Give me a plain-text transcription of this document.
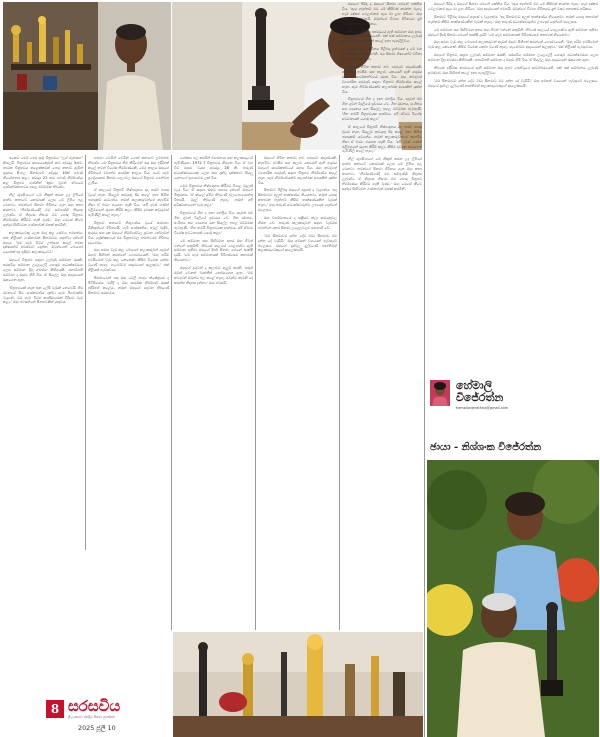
එකෙම මෙම් පෙර සුද්ද චිත්‍රපටය ''ලග් මෑනසහ'' කියලයි. චිත්‍රපටය අභයයෙකුමත් කට අවුරුදු 5කට්. නාටක චිත්‍රපටය කළෙක්කමක් පොදු කතාව ඇමින් ප්‍රදානය සිංහල සිනමාවේ අවුරුදු 10ක් පමණ නියෝජනය කළා. අවුරුදු 22 කට පමණ නිර්මාණය කළ චිත්‍රපට ගණනින් කුඩා වූවත් ඒවායේ ගුණාත්මකභාවය ඉහළ මට්ටමක තිබුණා.

නීල් රූපසිංහගේ මේ නිකුත් කරන ලද ලිපියේ ආත්ම කතාවේ කොටසක් ලෙස මේ ලිපිය පළ වෙනවා. තමන්ගේ සිනමා ජීවිතය ගැන ඔහු කතා කරනවා. 'නිර්මාණයේදී මට සම්පූර්ණ නිදහස ලැබුණා. ඒ නිදහස නිසාම මට හොඳ චිත්‍රපට නිර්මාණය කිරීමට හැකි වුණා.' ඔහු මෙසේ කීවේ සුන්දර සිහිවටන ගණනාවක් මතක් කරමිනි.

කලාකරුවෙකු ලෙස ඔහු කළ සේවය ඉමහත්ය. නළු නිළියන් ගණනාවක් සිනමාවට හඳුන්වා දුන්නේ ඔහුය. 'මම හැම විටම උත්සාහ කළේ නවක දක්ෂයන්ට අවස්ථාව දෙන්න. ඔවුන්ගෙන් බොහෝ දෙනෙක් අද ප්‍රසිද්ධ කලාකරුවෝ.'

ඔහුගේ චිත්‍රපට සඳහා ලැබුණු සම්මාන රැසකි. සරසවිය සම්මාන උළෙලේදී හොඳම අධ්‍යක්ෂවරයා ලෙස සම්මාන දිනූ අවස්ථා කිහිපයකි. ජනාධිපති සම්මාන ද ඔහුට හිමි විය. ඒ සියල්ල ඔහු ආදරයෙන් රැකගෙන ඇත.

'චිත්‍රපටයක් හදන එක ලේසි වැඩක් නෙවෙයි. තිර රචනයේ සිට සංස්කරණය දක්වා හැම පියවරක්ම වැදගත්. මම හැම විටම කණ්ඩායමක් විදිහට වැඩ කළා.' ඔහු පවසන්නේ සිනහවකින් යුතුවය.

හනුමා වෙමින් වෙමින් ගොස් කතාවේ උච්ඡතම තිබුණා. මේ චිත්‍රපටය නිම කිරීමෙන් පසු ඔහු ඉදිරිපත් කළේ තවත් විශේෂ නිර්මාණයකි. මෙම කාලය ඔහුගේ ජීවිතයේ වඩාත්ම සාර්ථක කාලය විය. රටේ හැම ප්‍රදේශයකම සිනමා ශාලාවල ඔහුගේ චිත්‍රපට පෙන්වනු ලැබීය.

ඒ කාලයේ චිත්‍රපටි නිෂ්පාදනය අද තරම් පහසු වූයේ නැත. සියලුම කටයුතු සිදු කළේ ඉතා සීමිත පහසුකම් යටතේය. නමුත් කලාකරුවන්ගේ කැපවීම නිසා ඒ බාධා ජයගත හැකි විය. 'අපි දවස් ගණන් එළිමහනේ රූගත කිරීම් කළා. කිසිම දවසක කවුරුවත් පැමිණිලි කළේ නැහැ.'

චිත්‍රපට කතාවේ නිරූපණය වූයේ සාමාන්‍ය මිනිසුන්ගේ ජීවිතයයි. ගැමි සංස්කෘතිය, පවුල් බැඳීම්, ආදරය සහ දුක ඔහුගේ නිර්මාණවල ප්‍රධාන තේමාවන් විය. ප්‍රේක්ෂකයෝ එම චිත්‍රපටවල තමන්ගේම ජීවිතය දුටුවෝය.

ඔහු සමඟ වැඩ කළ බොහෝ කලාකරුවන් අදටත් ඔහුව සිහිපත් කරන්නේ ගෞරවයෙනි. 'ඔහු හරිම ඉවසීමෙන් වැඩ කළ කෙනෙක්. කිසිම විටෙක කෝප වුණේ නැහැ. හැමෝටම ආදරයෙන් සැලකුවා.' එක් නිළියක් පැවසුවාය.

සිනමාවෙන් පසු ඔහු ටෙලි නාට්‍ය ක්ෂේත්‍රයට ද පිවිසියේය. එහිදී ද ඔහු සාර්ථක නිර්මාණ රැසක් ඉදිරිපත් කළේය. නමුත් ඔහුගේ හදවත තිබුණේ සිනමාව සමඟමය.

ශෝකය පල කරමින් මහජනයා සහ කලාකරුවෝ පැමිණියහ. 1972 දී චිත්‍රපටය තිරගත විය. ඒ වන විට ඔහුට වයස අවුරුදු 28 කි. තරුණ අධ්‍යක්ෂවරයෙකු ලෙස ඔහු දැක්වූ දක්ෂතාව සියලු දෙනාගේ ප්‍රශංසාවට ලක් විය.

මෙම චිත්‍රපටය නිෂ්පාදනය කිරීමට විශාල මුදලක් වැය විය. ඒ සඳහා ඔහුට සහාය දුන්නේ ඔහුගේ මිතුරන්ය. 'ඒ කාලේ අපිට තිබුණේ බලාපොරොත්තු විතරයි. මුදල් තිබුණේ නැහැ. නමුත් අපි අධිෂ්ඨානයෙන් වැඩ කළා.'

චිත්‍රපටයේ ගීත ද ඉතා ජනප්‍රිය විය. අදටත් එම ගීත ගුවන් විදුලියේ ප්‍රචාරය වේ. ගීත රචනය, සංගීතය සහ ගායනය යන සියල්ල ඉහළ මට්ටමක පැවතුණි. 'ගීත තමයි චිත්‍රපටයක ආත්මය. අපි ඒවාට විශේෂ අවධානයක් යොමු කළා.'

මේ සම්මාන සහ සිහිවටන අතර ඔහු ජීවත් වන්නේ සතුටිනි. නිවසේ සාලයේ පෙළගස්වා ඇති සම්මාන පුතිමා ඔහුගේ දීර්ඝ සිනමා ගමනේ සාක්ෂි දරයි. 'මේ හැම සම්මානයක් පිටිපස්සෙම කතාවක් තියෙනවා.'

ඔහුගේ දරුවන් ද කලාවට ඇලුම් කරති. නමුත් ඔවුන් වෙනත් වෘත්තීන් තෝරාගෙන ඇත. 'මම කවදාවත් ඔවුන්ට බල කළේ නැහැ. ඔවුන්ට කැමති දේ කරන්න නිදහස දුන්නා.' ඔහු පවසයි.

ඔහුගේ ජීවිත කතාව නව පරපුරට ආදර්ශයකි. කැපවීම, ඉවසීම සහ කලාව කෙරෙහි ඇති ආදරය ඔහුගේ සාර්ථකත්වයේ රහස විය. ඔහු කවදාවත් ව්‍යාපාරික අරමුණු සඳහා චිත්‍රපට නිර්මාණය කළේ නැත. සෑම නිර්මාණයක්ම කලාත්මක අගයකින් යුක්ත විය.

සිනමාව පිළිබඳ ඔහුගේ අදහස් ද වැදගත්ය. 'අද සිනමාවට අලුත් තාක්ෂණය තියෙනවා. නමුත් හොඳ කතාවක් නැත්නම් කිසිම තාක්ෂණයකින් වැඩක් නැහැ.' ඔහු තරුණ අධ්‍යක්ෂවරුන්ට උපදෙස් දෙන්නේ එලෙසය.

ඔහු වර්තමානයේ ද සක්‍රීයව කලා කටයුතුවල නිරත වේ. තරුණ කලාකරුවන් සඳහා වැඩමුළු පවත්වන අතර සිනමා උළෙලවලට සහභාගී වේ.

'මම සිනමාවට දුන්න දේට වඩා සිනමාව මට දුන්න දේ වැඩියි.' ඔහු අවසන් වශයෙන් පැවසුවේ එලෙසය. ඔහුගේ දෑස්වල දැල්වුණේ තෘප්තිමත් කලාකරුවෙකුගේ ආලෝකයයි.

ඔහුගේ බිරිඳ ද ඔහුගේ සිනමා ගමනේ ශක්තිය විය. 'ඇය නැත්නම් මට මේ කිසිවක් කරන්න බැහැ. හැම දුෂ්කර වෙලාවකම ඇය මා ළඟ හිටියා.' ඔහු ආදරයෙන් පවසයි. ඔවුන්ගේ විවාහ ජීවිතයට දැන් වසර පනහකට අධිකය.

නිවසේ ඉදිරිපස කාමරයේ ඇති සම්මාන ඔහු අපට පෙන්වූයේ ආඩම්බරයෙනි. එක් එක් සම්මානය ලැබුණු අවස්ථාව ඔහු සිහිපත් කළේ ඉතා පැහැදිලිවය.

ඔහුගේ කලා ජීවිතය පිළිබඳ ග්‍රන්ථයක් ද මේ වන විට සකස් වෙමින් පවතී. එය සිනමා ශිෂ්‍යයන්ට වටිනා මූලාශ්‍රයක් වනු ඇත.

ඔහුගේ ජීවිත කතාව නව පරපුරට ආදර්ශයකි. කැපවීම, ඉවසීම සහ කලාව කෙරෙහි ඇති ආදරය ඔහුගේ සාර්ථකත්වයේ රහස විය. ඔහු කවදාවත් ව්‍යාපාරික අරමුණු සඳහා චිත්‍රපට නිර්මාණය කළේ නැත. සෑම නිර්මාණයක්ම කලාත්මක අගයකින් යුක්ත විය.

චිත්‍රපටයේ ගීත ද ඉතා ජනප්‍රිය විය. අදටත් එම ගීත ගුවන් විදුලියේ ප්‍රචාරය වේ. ගීත රචනය, සංගීතය සහ ගායනය යන සියල්ල ඉහළ මට්ටමක පැවතුණි. 'ගීත තමයි චිත්‍රපටයක ආත්මය. අපි ඒවාට විශේෂ අවධානයක් යොමු කළා.'

ඒ කාලයේ චිත්‍රපටි නිෂ්පාදනය අද තරම් පහසු වූයේ නැත. සියලුම කටයුතු සිදු කළේ ඉතා සීමිත පහසුකම් යටතේය. නමුත් කලාකරුවන්ගේ කැපවීම නිසා ඒ බාධා ජයගත හැකි විය. 'අපි දවස් ගණන් එළිමහනේ රූගත කිරීම් කළා. කිසිම දවසක කවුරුවත් පැමිණිලි කළේ නැහැ.'

නීල් රූපසිංහගේ මේ නිකුත් කරන ලද ලිපියේ ආත්ම කතාවේ කොටසක් ලෙස මේ ලිපිය පළ වෙනවා. තමන්ගේ සිනමා ජීවිතය ගැන ඔහු කතා කරනවා. 'නිර්මාණයේදී මට සම්පූර්ණ නිදහස ලැබුණා. ඒ නිදහස නිසාම මට හොඳ චිත්‍රපට නිර්මාණය කිරීමට හැකි වුණා.' ඔහු මෙසේ කීවේ සුන්දර සිහිවටන ගණනාවක් මතක් කරමිනි.

ඔහුගේ බිරිඳ ද ඔහුගේ සිනමා ගමනේ ශක්තිය විය. 'ඇය නැත්නම් මට මේ කිසිවක් කරන්න බැහැ. හැම දුෂ්කර වෙලාවකම ඇය මා ළඟ හිටියා.' ඔහු ආදරයෙන් පවසයි. ඔවුන්ගේ විවාහ ජීවිතයට දැන් වසර පනහකට අධිකය.

සිනමාව පිළිබඳ ඔහුගේ අදහස් ද වැදගත්ය. 'අද සිනමාවට අලුත් තාක්ෂණය තියෙනවා. නමුත් හොඳ කතාවක් නැත්නම් කිසිම තාක්ෂණයකින් වැඩක් නැහැ.' ඔහු තරුණ අධ්‍යක්ෂවරුන්ට උපදෙස් දෙන්නේ එලෙසය.

මේ සම්මාන සහ සිහිවටන අතර ඔහු ජීවත් වන්නේ සතුටිනි. නිවසේ සාලයේ පෙළගස්වා ඇති සම්මාන පුතිමා ඔහුගේ දීර්ඝ සිනමා ගමනේ සාක්ෂි දරයි. 'මේ හැම සම්මානයක් පිටිපස්සෙම කතාවක් තියෙනවා.'

ඔහු සමඟ වැඩ කළ බොහෝ කලාකරුවන් අදටත් ඔහුව සිහිපත් කරන්නේ ගෞරවයෙනි. 'ඔහු හරිම ඉවසීමෙන් වැඩ කළ කෙනෙක්. කිසිම විටෙක කෝප වුණේ නැහැ. හැමෝටම ආදරයෙන් සැලකුවා.' එක් නිළියක් පැවසුවාය.

ඔහුගේ චිත්‍රපට සඳහා ලැබුණු සම්මාන රැසකි. සරසවිය සම්මාන උළෙලේදී හොඳම අධ්‍යක්ෂවරයා ලෙස සම්මාන දිනූ අවස්ථා කිහිපයකි. ජනාධිපති සම්මාන ද ඔහුට හිමි විය. ඒ සියල්ල ඔහු ආදරයෙන් රැකගෙන ඇත.

නිවසේ ඉදිරිපස කාමරයේ ඇති සම්මාන ඔහු අපට පෙන්වූයේ ආඩම්බරයෙනි. එක් එක් සම්මානය ලැබුණු අවස්ථාව ඔහු සිහිපත් කළේ ඉතා පැහැදිලිවය.

'මම සිනමාවට දුන්න දේට වඩා සිනමාව මට දුන්න දේ වැඩියි.' ඔහු අවසන් වශයෙන් පැවසුවේ එලෙසය. ඔහුගේ දෑස්වල දැල්වුණේ තෘප්තිමත් කලාකරුවෙකුගේ ආලෝකයයි.

හේමාලි
විජේරත්න
hemaliwijerathna@gmail.com
ඡායා - නිශ්ශංක විජේරත්න
8 සරසවිය
ශ්‍රී ලංකාවේ ජනප්‍රිය සිනමා පුවත්පත
2025 ජූලි 10
